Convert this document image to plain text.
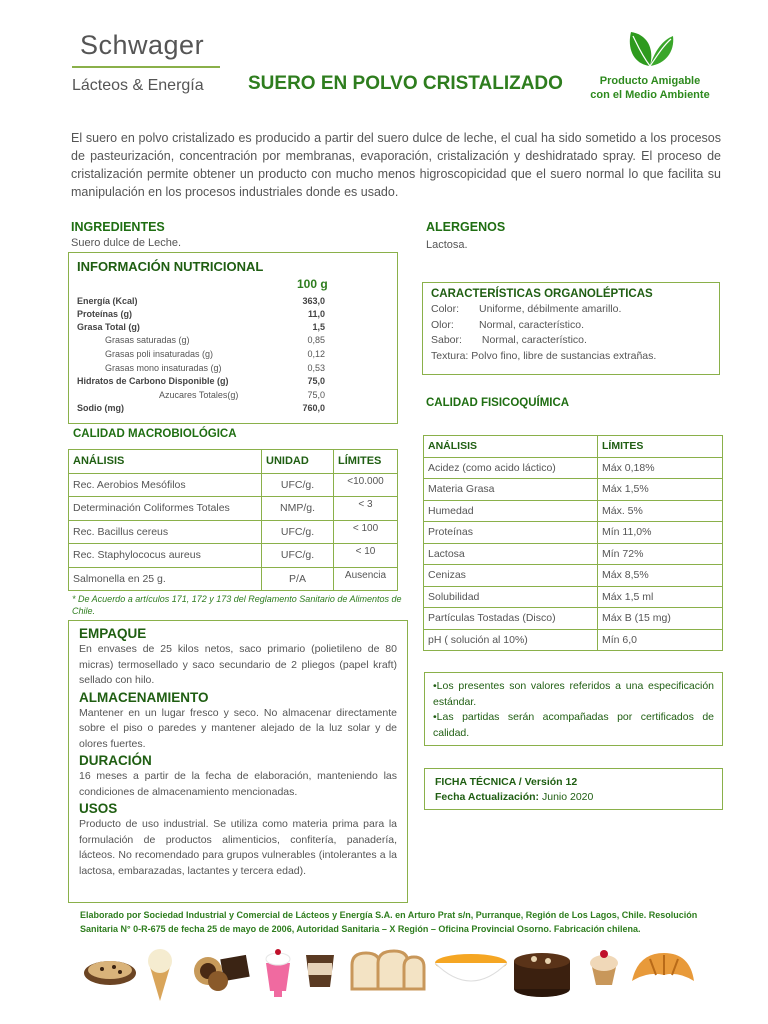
Schwager
Lácteos & Energía SUERO EN POLVO CRISTALIZADO	Producto Amigable
con el Medio Ambiente
El suero en polvo cristalizado es producido a partir del suero dulce de leche, el cual ha sido sometido a los procesos de pasteurización, concentración por membranas, evaporación, cristalización y deshidratado spray. El proceso de cristalización permite obtener un producto con mucho menos higroscopicidad que el suero normal lo que facilita su manipulación en los procesos industriales donde es usado.
INGREDIENTES
Suero dulce de Leche.
ALERGENOS
Lactosa.
INFORMACIÓN NUTRICIONAL
100 g
Energía (Kcal)	363,0
Proteínas (g)	11,0
Grasa Total (g)	1,5
Grasas saturadas (g)	0,85
Grasas poli insaturadas (g)	0,12
Grasas mono insaturadas (g)	0,53
Hidratos de Carbono Disponible (g)	75,0
Azucares Totales(g)	75,0
Sodio (mg)	760,0
CALIDAD MACROBIOLÓGICA
ANÁLISIS	UNIDAD	LÍMITES
Rec. Aerobios Mesófilos	UFC/g.	<10.000
Determinación Coliformes Totales	NMP/g.	< 3
Rec. Bacillus cereus	UFC/g.	< 100
Rec. Staphylococus aureus	UFC/g.	< 10
Salmonella en 25 g.	P/A	Ausencia
* De Acuerdo a artículos 171, 172 y 173 del Reglamento Sanitario de Alimentos de Chile.
CARACTERÍSTICAS ORGANOLÉPTICAS
Color: Uniforme, débilmente amarillo.
Olor: Normal, característico.
Sabor: Normal, característico.
Textura: Polvo fino, libre de sustancias extrañas.
CALIDAD FISICOQUÍMICA
ANÁLISIS	LÍMITES
Acidez (como acido láctico)	Máx 0,18%
Materia Grasa	Máx 1,5%
Humedad	Máx. 5%
Proteínas	Mín 11,0%
Lactosa	Mín 72%
Cenizas	Máx 8,5%
Solubilidad	Máx 1,5 ml
Partículas Tostadas (Disco)	Máx B (15 mg)
pH ( solución al 10%)	Mín 6,0
EMPAQUE
En envases de 25 kilos netos, saco primario (polietileno de 80 micras) termosellado y saco secundario de 2 pliegos (papel kraft) sellado con hilo.
ALMACENAMIENTO
Mantener en un lugar fresco y seco. No almacenar directamente sobre el piso o paredes y mantener alejado de la luz solar y de olores fuertes.
DURACIÓN
16 meses a partir de la fecha de elaboración, manteniendo las condiciones de almacenamiento mencionadas.
USOS
Producto de uso industrial. Se utiliza como materia prima para la formulación de productos alimenticios, confitería, panadería, lácteos. No recomendado para grupos vulnerables (intolerantes a la lactosa, embarazadas, lactantes y tercera edad).
•Los presentes son valores referidos a una especificación estándar.
•Las partidas serán acompañadas por certificados de calidad.
FICHA TÉCNICA / Versión 12
Fecha Actualización: Junio 2020
Elaborado por Sociedad Industrial y Comercial de Lácteos y Energía S.A. en Arturo Prat s/n, Purranque, Región de Los Lagos, Chile. Resolución Sanitaria N° 0-R-675 de fecha 25 de mayo de 2006, Autoridad Sanitaria – X Región – Oficina Provincial Osorno. Fabricación chilena.
